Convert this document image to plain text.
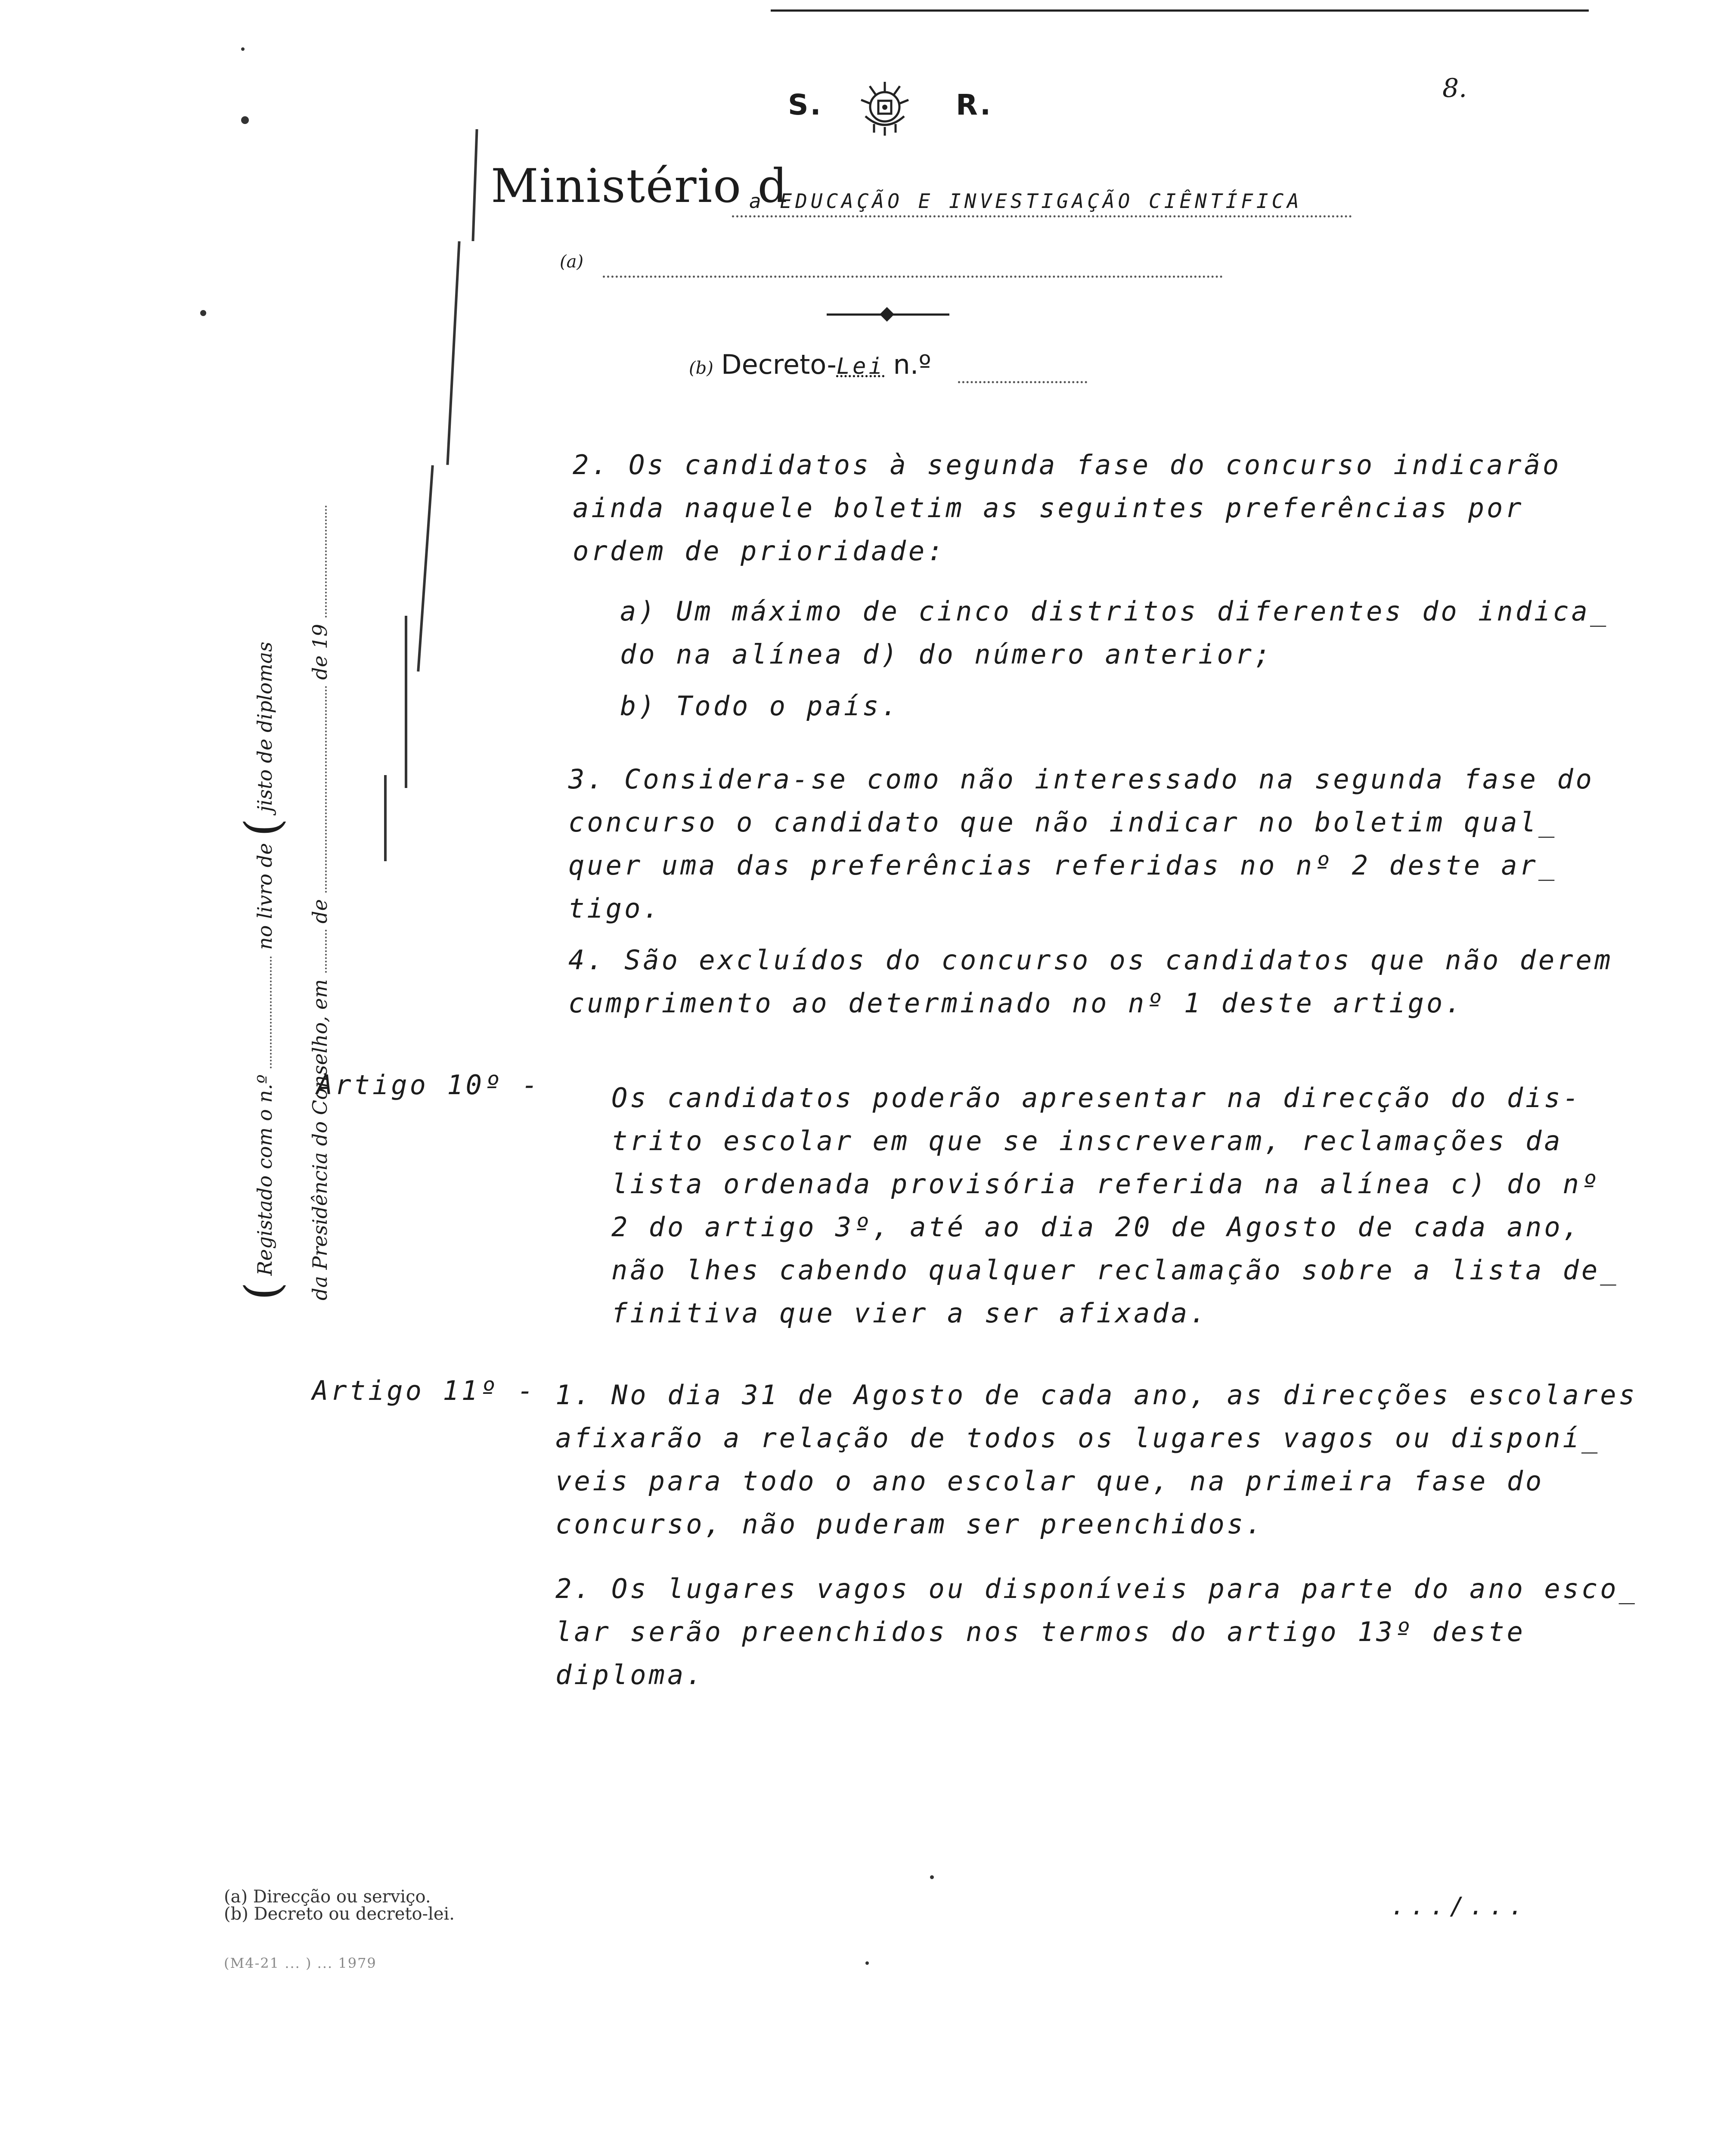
8.
S.	R.
Ministério d
a EDUCAÇÃO E INVESTIGAÇÃO CIÊNTÍFICA
(a)
(b) Decreto-Lei n.º
( Registado com o n.º  no livro de ( jisto de diplomas
da Presidência do Conselho, em  de  de 19
2. Os candidatos à segunda fase do concurso indicarão
ainda naquele boletim as seguintes preferências por
ordem de prioridade:
a) Um máximo de cinco distritos diferentes do indica_
do na alínea d) do número anterior;
b) Todo o país.
3. Considera-se como não interessado na segunda fase do
concurso o candidato que não indicar no boletim qual_
quer uma das preferências referidas no nº 2 deste ar_
tigo.
4. São excluídos do concurso os candidatos que não derem
cumprimento ao determinado no nº 1 deste artigo.
Artigo 10º -	Os candidatos poderão apresentar na direcção do dis-
trito escolar em que se inscreveram, reclamações da
lista ordenada provisória referida na alínea c) do nº
2 do artigo 3º, até ao dia 20 de Agosto de cada ano,
não lhes cabendo qualquer reclamação sobre a lista de_
finitiva que vier a ser afixada.
Artigo 11º - 1. No dia 31 de Agosto de cada ano, as direcções escolares
afixarão a relação de todos os lugares vagos ou disponí_
veis para todo o ano escolar que, na primeira fase do
concurso, não puderam ser preenchidos.
2. Os lugares vagos ou disponíveis para parte do ano esco_
lar serão preenchidos nos termos do artigo 13º deste
diploma.
(a) Direcção ou serviço.
(b) Decreto ou decreto-lei.
(M4-21 ... ) ... 1979
.../...
